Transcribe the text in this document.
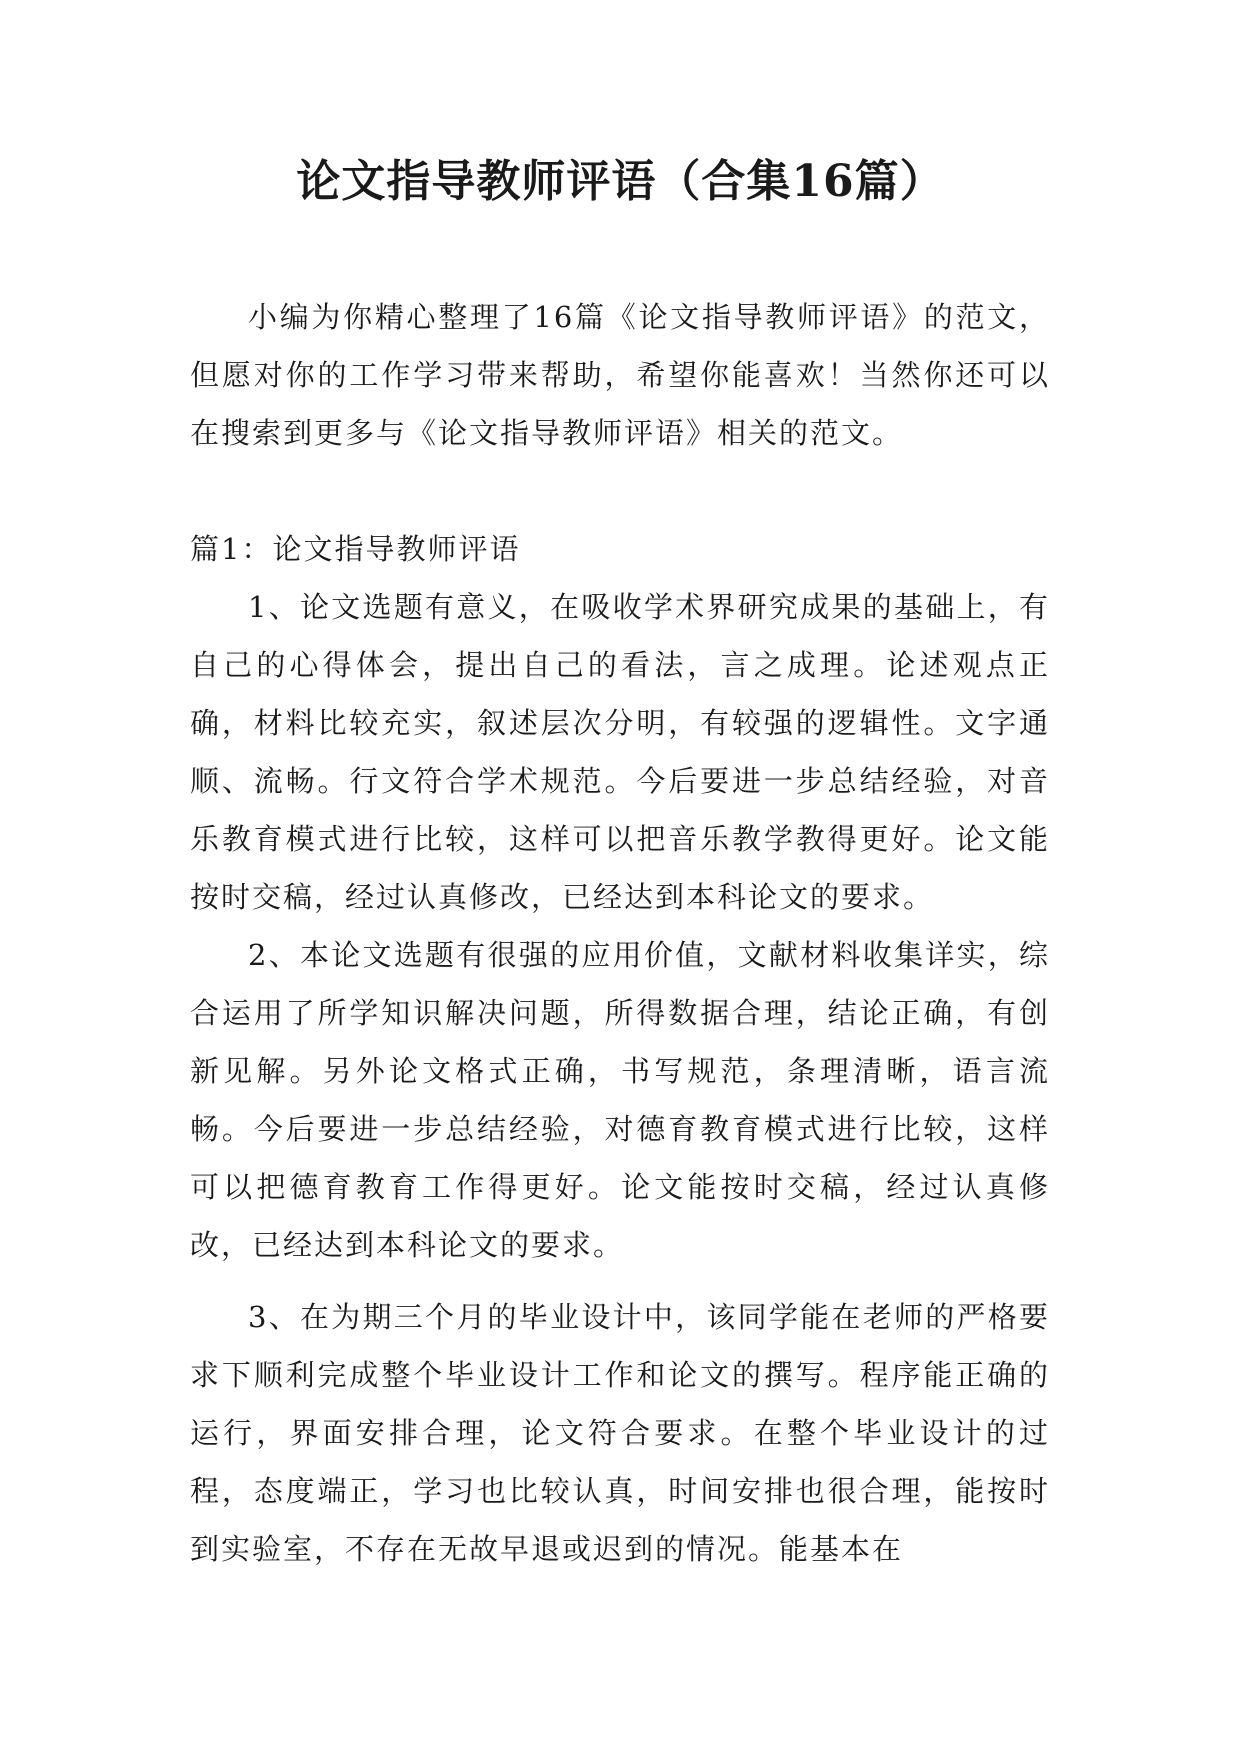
论文指导教师评语（合集16篇）

小编为你精心整理了16篇《论文指导教师评语》的范文，但愿对你的工作学习带来帮助，希望你能喜欢！当然你还可以在搜索到更多与《论文指导教师评语》相关的范文。

篇1：论文指导教师评语

1、论文选题有意义，在吸收学术界研究成果的基础上，有自己的心得体会，提出自己的看法，言之成理。论述观点正确，材料比较充实，叙述层次分明，有较强的逻辑性。文字通顺、流畅。行文符合学术规范。今后要进一步总结经验，对音乐教育模式进行比较，这样可以把音乐教学教得更好。论文能按时交稿，经过认真修改，已经达到本科论文的要求。

2、本论文选题有很强的应用价值，文献材料收集详实，综合运用了所学知识解决问题，所得数据合理，结论正确，有创新见解。另外论文格式正确，书写规范，条理清晰，语言流畅。今后要进一步总结经验，对德育教育模式进行比较，这样可以把德育教育工作得更好。论文能按时交稿，经过认真修改，已经达到本科论文的要求。

3、在为期三个月的毕业设计中，该同学能在老师的严格要求下顺利完成整个毕业设计工作和论文的撰写。程序能正确的运行，界面安排合理，论文符合要求。在整个毕业设计的过程，态度端正，学习也比较认真，时间安排也很合理，能按时到实验室，不存在无故早退或迟到的情况。能基本在
